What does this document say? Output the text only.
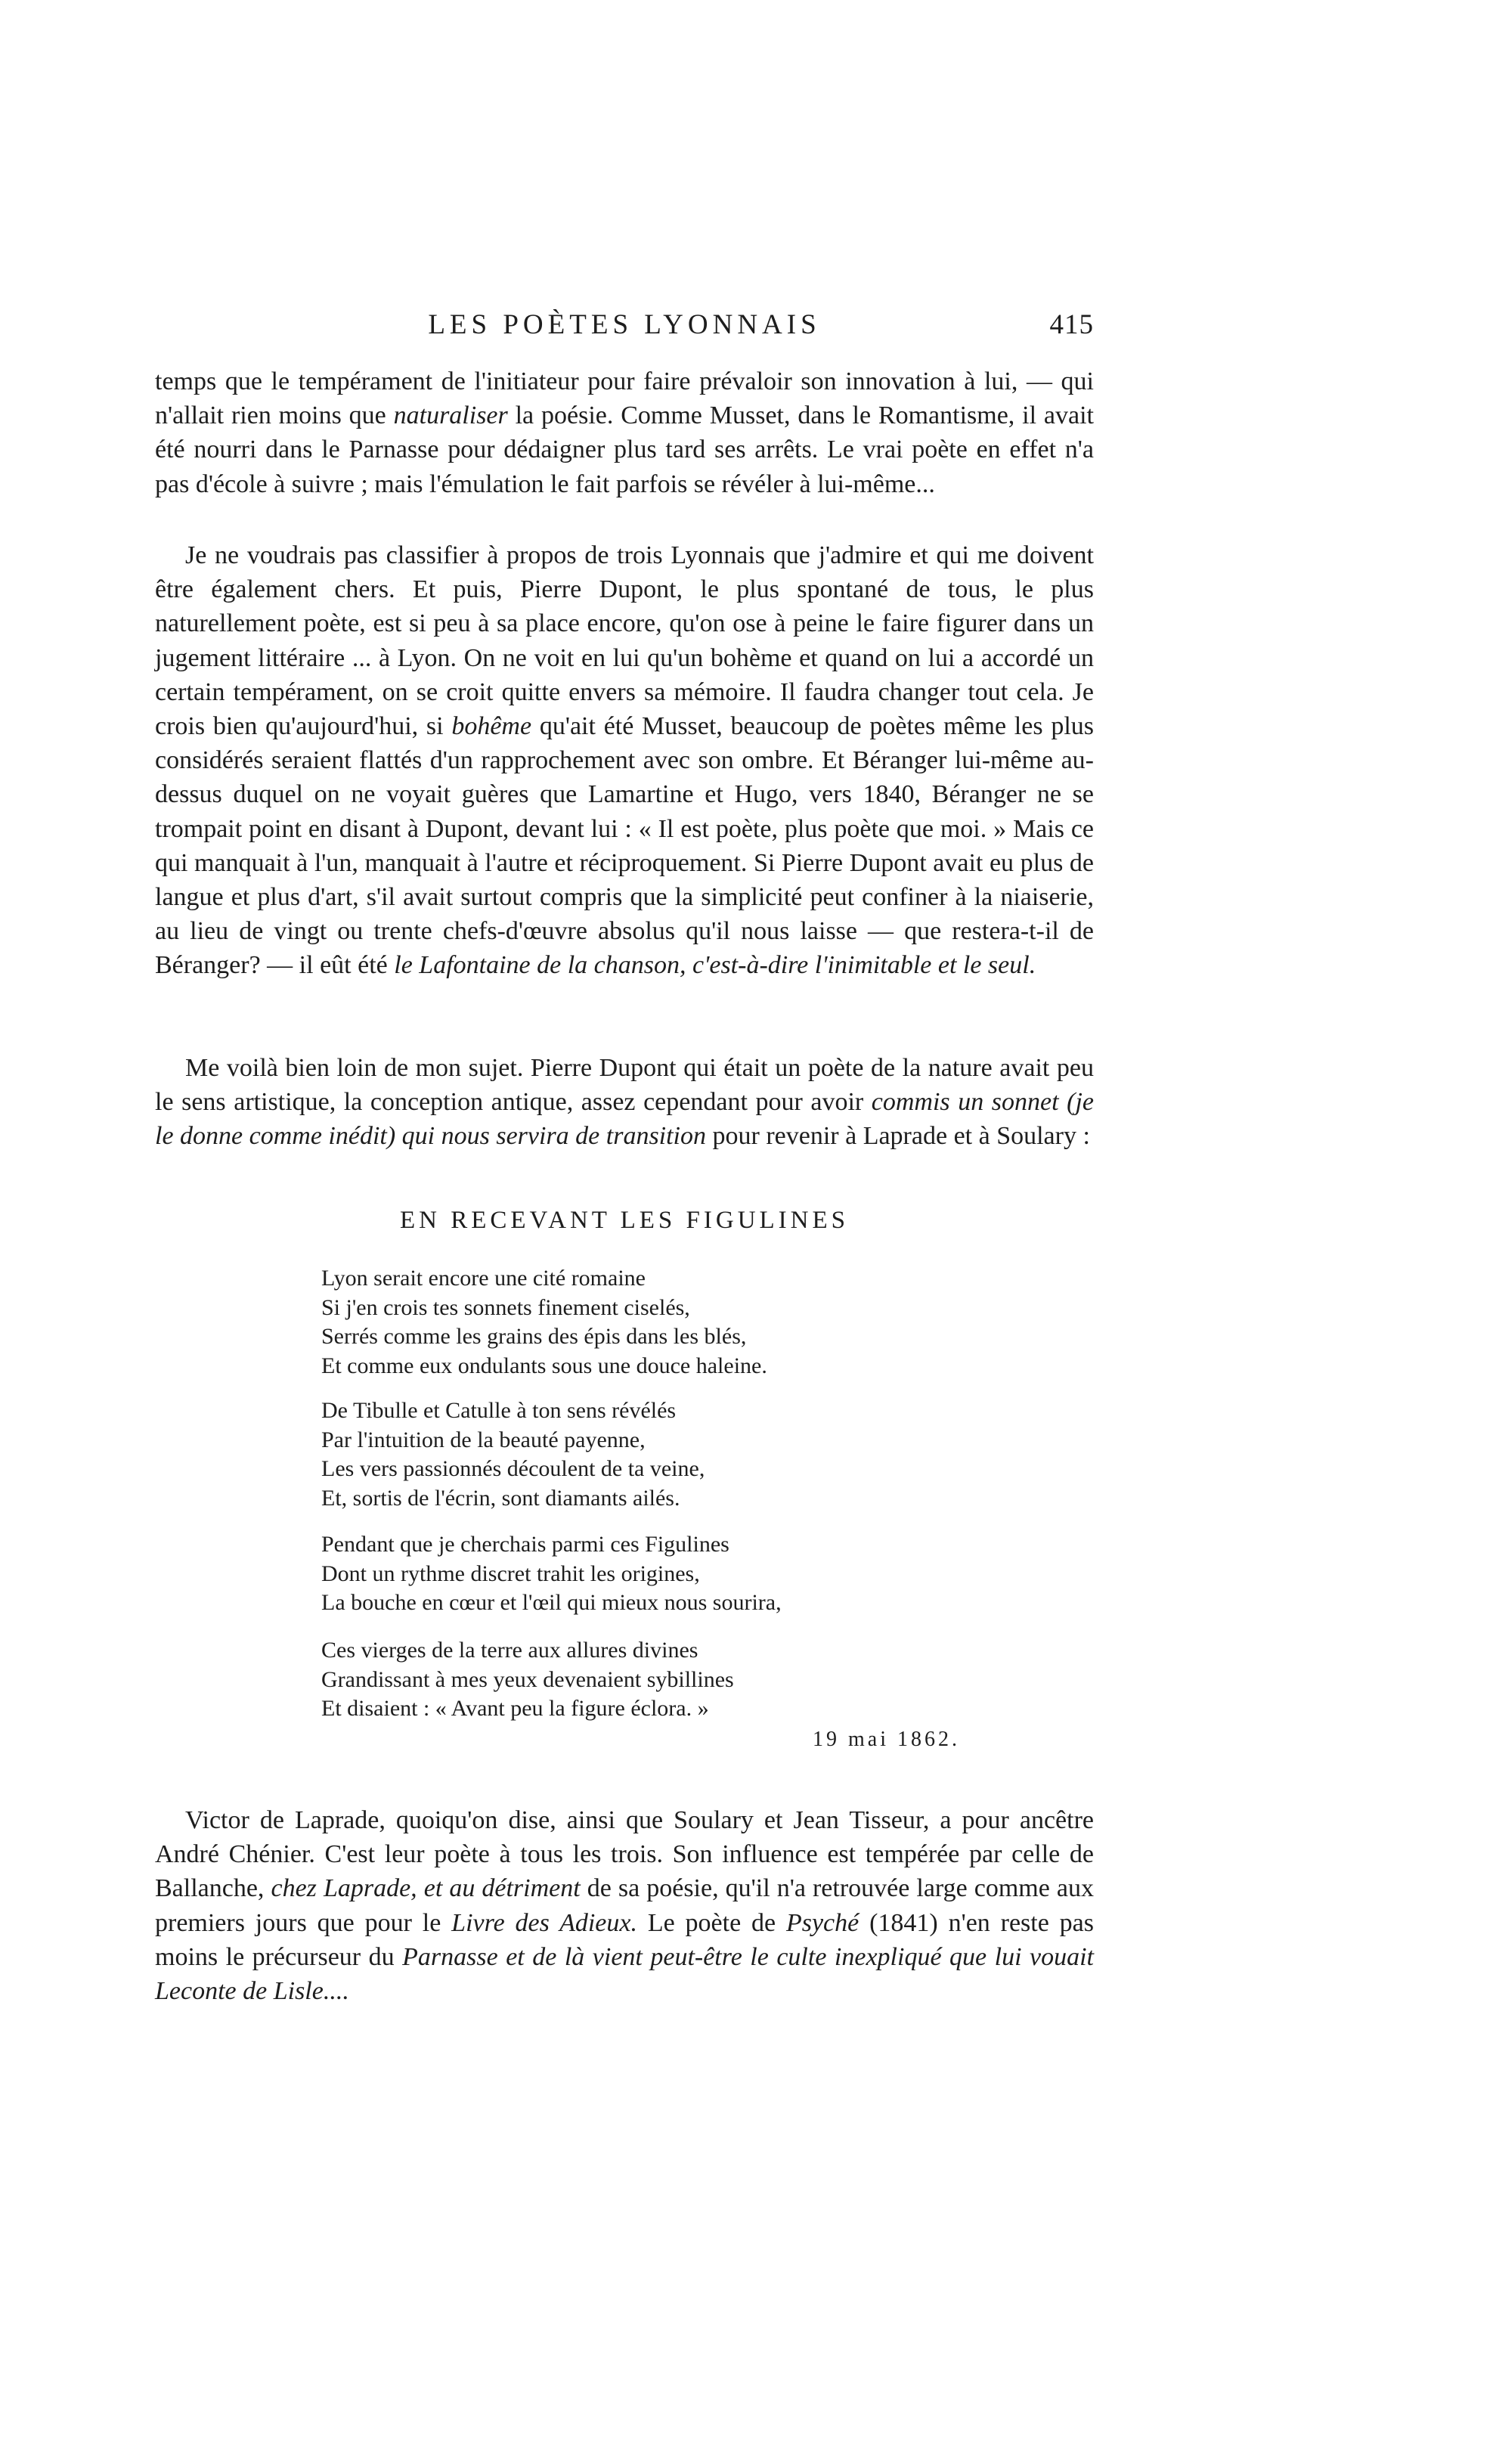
LES POÈTES LYONNAIS	415

temps que le tempérament de l'initiateur pour faire prévaloir son innovation à lui, — qui n'allait rien moins que naturaliser la poésie. Comme Musset, dans le Romantisme, il avait été nourri dans le Parnasse pour dédaigner plus tard ses arrêts. Le vrai poète en effet n'a pas d'école à suivre ; mais l'émulation le fait parfois se révéler à lui-même...

Je ne voudrais pas classifier à propos de trois Lyonnais que j'admire et qui me doivent être également chers. Et puis, Pierre Dupont, le plus spontané de tous, le plus naturellement poète, est si peu à sa place encore, qu'on ose à peine le faire figurer dans un jugement littéraire ... à Lyon. On ne voit en lui qu'un bohème et quand on lui a accordé un certain tempérament, on se croit quitte envers sa mémoire. Il faudra changer tout cela. Je crois bien qu'aujourd'hui, si bohême qu'ait été Musset, beaucoup de poètes même les plus considérés seraient flattés d'un rapprochement avec son ombre. Et Béranger lui-même au-dessus duquel on ne voyait guères que Lamartine et Hugo, vers 1840, Béranger ne se trompait point en disant à Dupont, devant lui : « Il est poète, plus poète que moi. » Mais ce qui manquait à l'un, manquait à l'autre et réciproquement. Si Pierre Dupont avait eu plus de langue et plus d'art, s'il avait surtout compris que la simplicité peut confiner à la niaiserie, au lieu de vingt ou trente chefs-d'œuvre absolus qu'il nous laisse — que restera-t-il de Béranger? — il eût été le Lafontaine de la chanson, c'est-à-dire l'inimitable et le seul.

Me voilà bien loin de mon sujet. Pierre Dupont qui était un poète de la nature avait peu le sens artistique, la conception antique, assez cependant pour avoir commis un sonnet (je le donne comme inédit) qui nous servira de transition pour revenir à Laprade et à Soulary :

EN RECEVANT LES FIGULINES
Lyon serait encore une cité romaine
Si j'en crois tes sonnets finement ciselés,
Serrés comme les grains des épis dans les blés,
Et comme eux ondulants sous une douce haleine.
De Tibulle et Catulle à ton sens révélés
Par l'intuition de la beauté payenne,
Les vers passionnés découlent de ta veine,
Et, sortis de l'écrin, sont diamants ailés.
Pendant que je cherchais parmi ces Figulines
Dont un rythme discret trahit les origines,
La bouche en cœur et l'œil qui mieux nous sourira,
Ces vierges de la terre aux allures divines
Grandissant à mes yeux devenaient sybillines
Et disaient : « Avant peu la figure éclora. »
19 mai 1862.

Victor de Laprade, quoiqu'on dise, ainsi que Soulary et Jean Tisseur, a pour ancêtre André Chénier. C'est leur poète à tous les trois. Son influence est tempérée par celle de Ballanche, chez Laprade, et au détriment de sa poésie, qu'il n'a retrouvée large comme aux premiers jours que pour le Livre des Adieux. Le poète de Psyché (1841) n'en reste pas moins le précurseur du Parnasse et de là vient peut-être le culte inexpliqué que lui vouait Leconte de Lisle....
